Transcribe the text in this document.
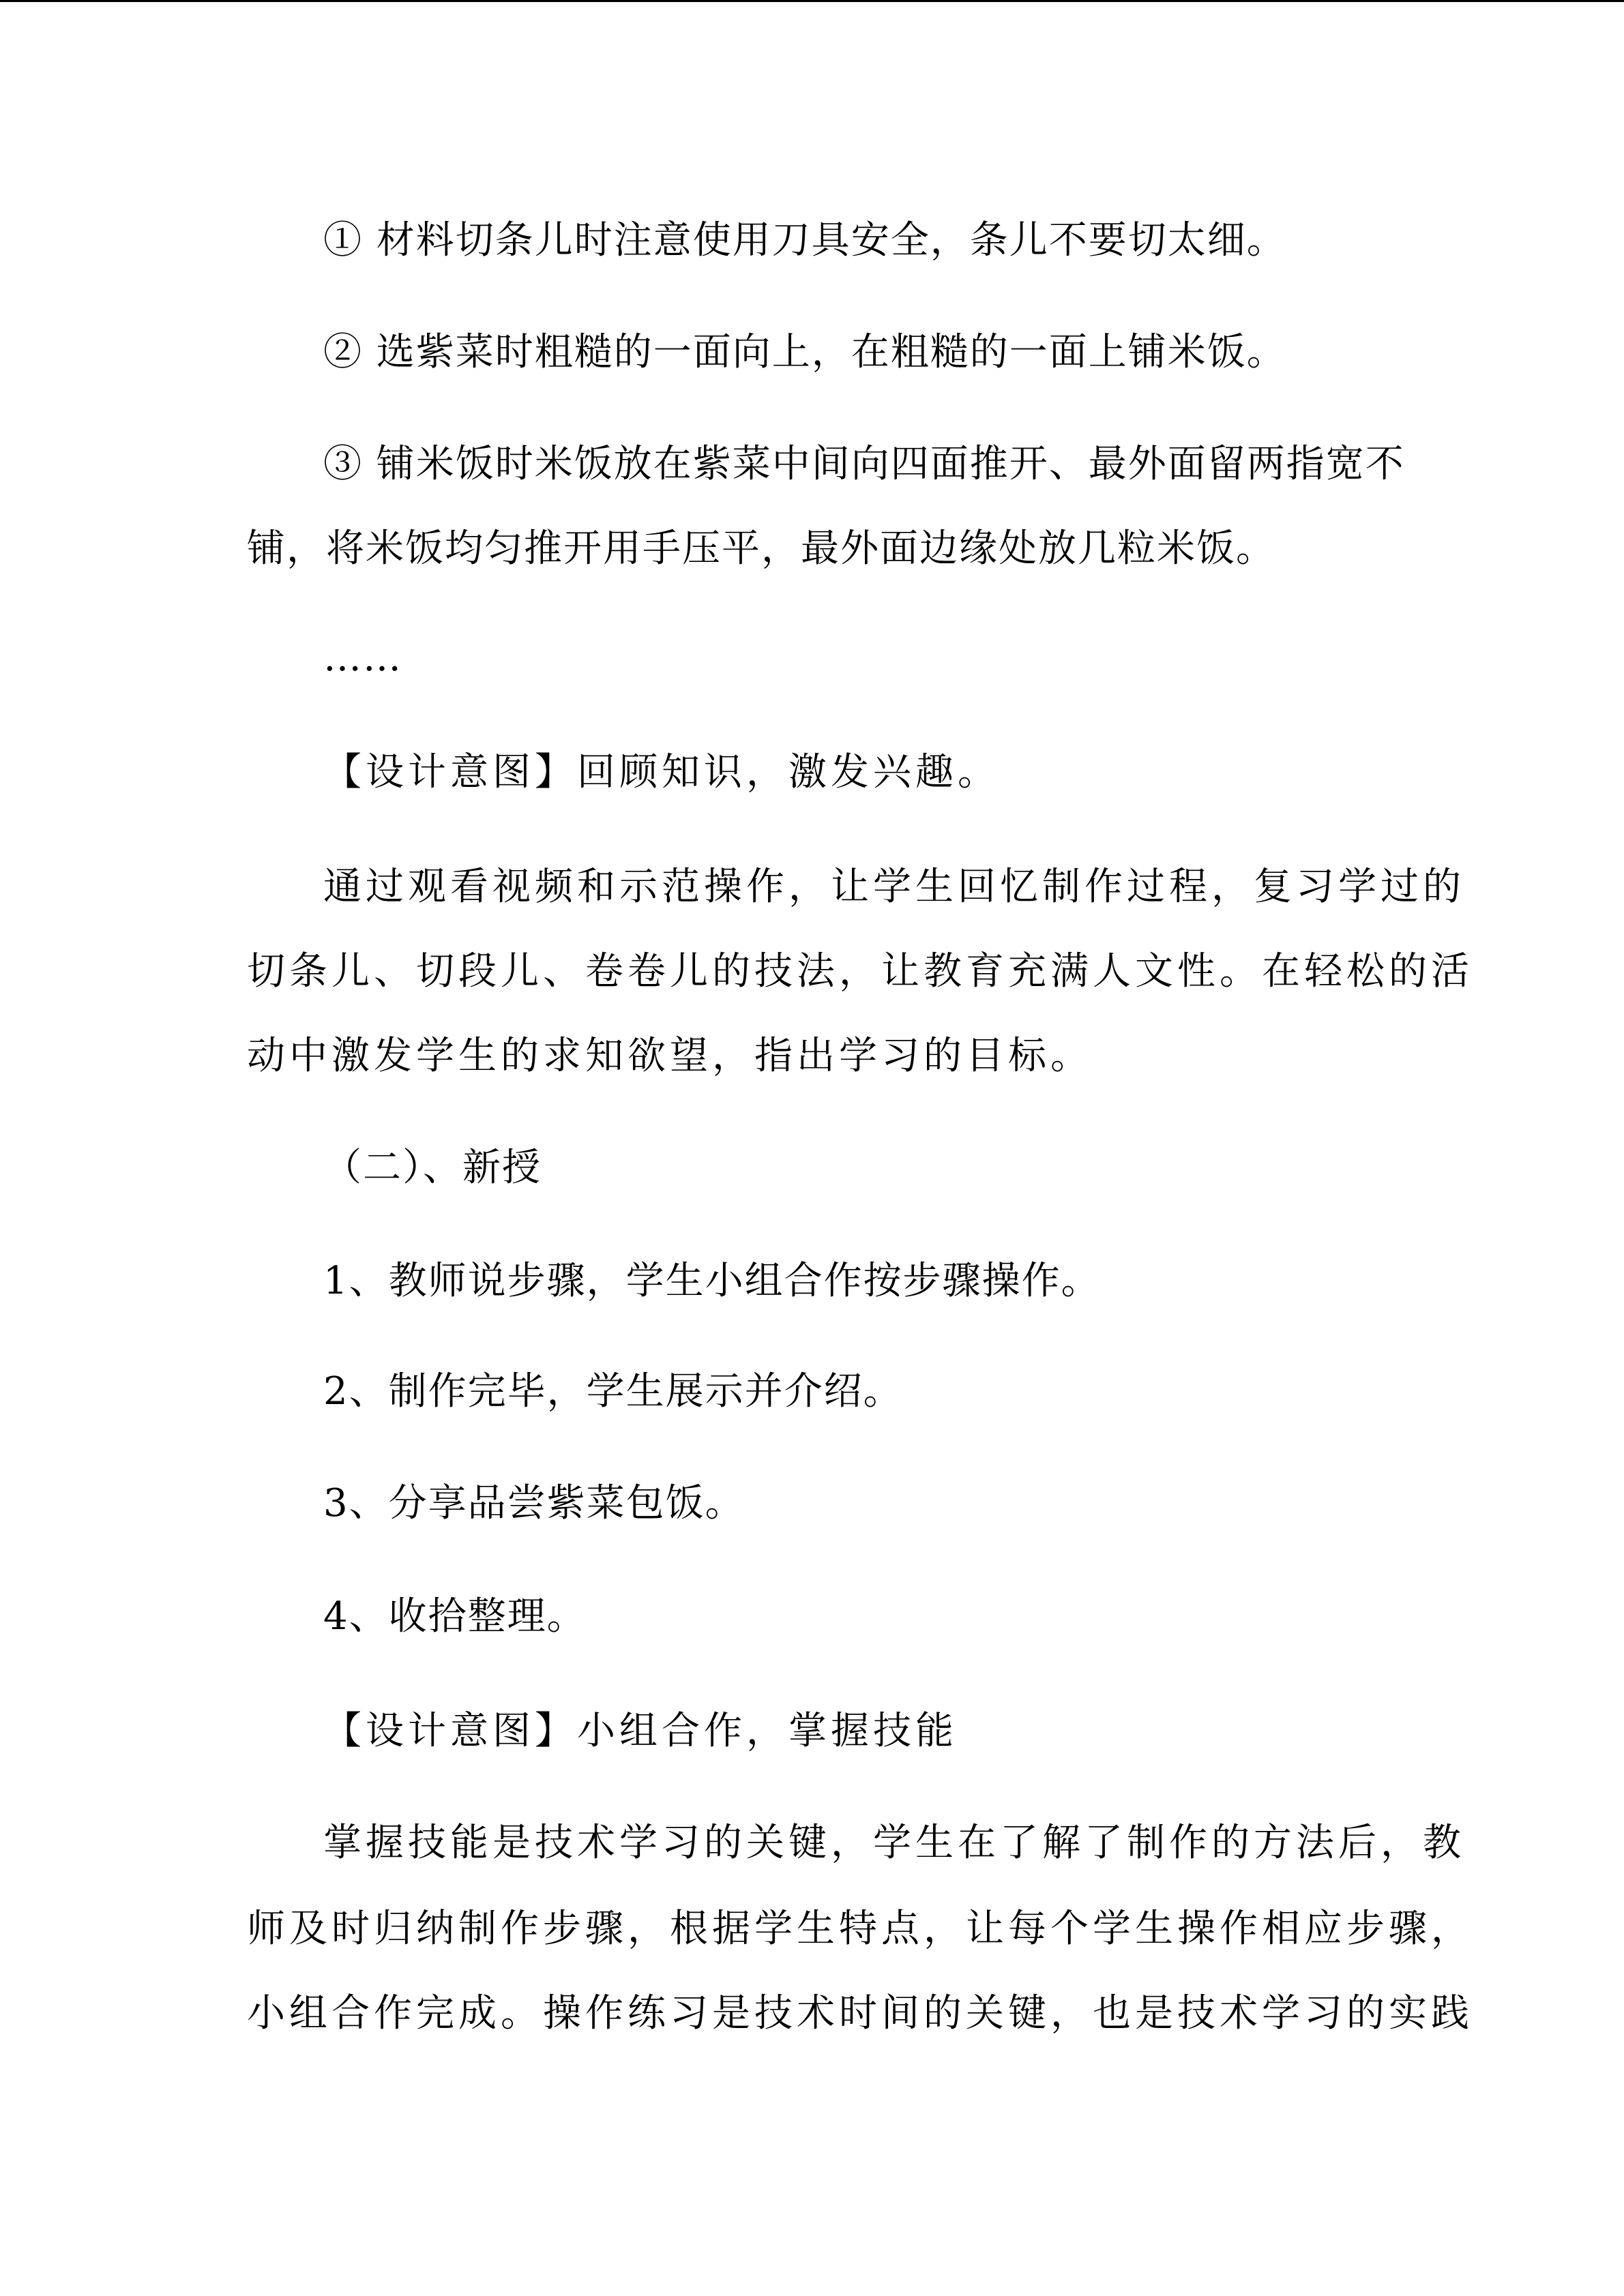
① 材料切条儿时注意使用刀具安全，条儿不要切太细。
② 选紫菜时粗糙的一面向上，在粗糙的一面上铺米饭。
③ 铺米饭时米饭放在紫菜中间向四面推开、最外面留两指宽不
铺，将米饭均匀推开用手压平，最外面边缘处放几粒米饭。
……
【设计意图】回顾知识，激发兴趣。
通过观看视频和示范操作，让学生回忆制作过程，复习学过的
切条儿、切段儿、卷卷儿的技法，让教育充满人文性。在轻松的活
动中激发学生的求知欲望，指出学习的目标。
（二）、新授
1、教师说步骤，学生小组合作按步骤操作。
2、制作完毕，学生展示并介绍。
3、分享品尝紫菜包饭。
4、收拾整理。
【设计意图】小组合作，掌握技能
掌握技能是技术学习的关键，学生在了解了制作的方法后，教
师及时归纳制作步骤，根据学生特点，让每个学生操作相应步骤，
小组合作完成。操作练习是技术时间的关键，也是技术学习的实践
